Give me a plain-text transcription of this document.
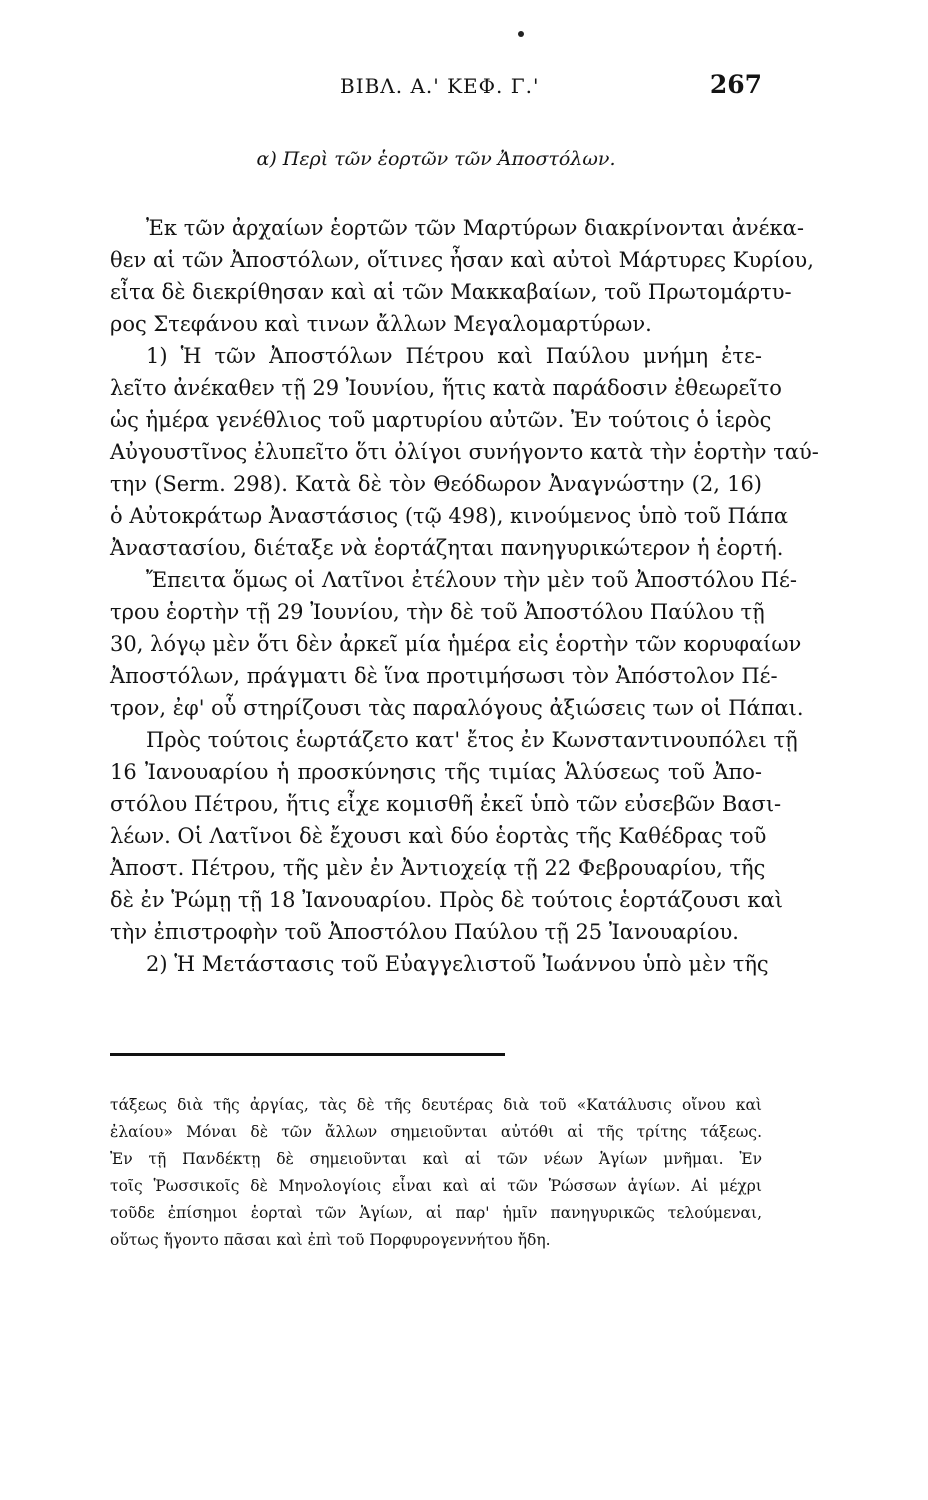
ΒΙΒΛ. Α.' ΚΕΦ. Γ.'	267
α) Περὶ τῶν ἑορτῶν τῶν Ἀποστόλων.
Ἐκ τῶν ἀρχαίων ἑορτῶν τῶν Μαρτύρων διακρίνονται ἀνέκα-
θεν αἱ τῶν Ἀποστόλων, οἵτινες ἦσαν καὶ αὐτοὶ Μάρτυρες Κυρίου,
εἶτα δὲ διεκρίθησαν καὶ αἱ τῶν Μακκαβαίων, τοῦ Πρωτομάρτυ-
ρος Στεφάνου καὶ τινων ἄλλων Μεγαλομαρτύρων.
1) Ἡ τῶν Ἀποστόλων Πέτρου καὶ Παύλου μνήμη ἐτε-
λεῖτο ἀνέκαθεν τῇ 29 Ἰουνίου, ἥτις κατὰ παράδοσιν ἐθεωρεῖτο
ὡς ἡμέρα γενέθλιος τοῦ μαρτυρίου αὐτῶν. Ἐν τούτοις ὁ ἱερὸς
Αὐγουστῖνος ἐλυπεῖτο ὅτι ὀλίγοι συνήγοντο κατὰ τὴν ἑορτὴν ταύ-
την (Serm. 298). Κατὰ δὲ τὸν Θεόδωρον Ἀναγνώστην (2, 16)
ὁ Αὐτοκράτωρ Ἀναστάσιος (τῷ 498), κινούμενος ὑπὸ τοῦ Πάπα
Ἀναστασίου, διέταξε νὰ ἑορτάζηται πανηγυρικώτερον ἡ ἑορτή.
Ἔπειτα ὅμως οἱ Λατῖνοι ἐτέλουν τὴν μὲν τοῦ Ἀποστόλου Πέ-
τρου ἑορτὴν τῇ 29 Ἰουνίου, τὴν δὲ τοῦ Ἀποστόλου Παύλου τῇ
30, λόγῳ μὲν ὅτι δὲν ἀρκεῖ μία ἡμέρα εἰς ἑορτὴν τῶν κορυφαίων
Ἀποστόλων, πράγματι δὲ ἵνα προτιμήσωσι τὸν Ἀπόστολον Πέ-
τρον, ἐφ' οὗ στηρίζουσι τὰς παραλόγους ἀξιώσεις των οἱ Πάπαι.
Πρὸς τούτοις ἑωρτάζετο κατ' ἔτος ἐν Κωνσταντινουπόλει τῇ
16 Ἰανουαρίου ἡ προσκύνησις τῆς τιμίας Ἁλύσεως τοῦ Ἀπο-
στόλου Πέτρου, ἥτις εἶχε κομισθῆ ἐκεῖ ὑπὸ τῶν εὐσεβῶν Βασι-
λέων. Οἱ Λατῖνοι δὲ ἔχουσι καὶ δύο ἑορτὰς τῆς Καθέδρας τοῦ
Ἀποστ. Πέτρου, τῆς μὲν ἐν Ἀντιοχείᾳ τῇ 22 Φεβρουαρίου, τῆς
δὲ ἐν Ῥώμῃ τῇ 18 Ἰανουαρίου. Πρὸς δὲ τούτοις ἑορτάζουσι καὶ
τὴν ἐπιστροφὴν τοῦ Ἀποστόλου Παύλου τῇ 25 Ἰανουαρίου.
2) Ἡ Μετάστασις τοῦ Εὐαγγελιστοῦ Ἰωάννου ὑπὸ μὲν τῆς
τάξεως διὰ τῆς ἀργίας, τὰς δὲ τῆς δευτέρας διὰ τοῦ «Κατάλυσις οἴνου καὶ
ἐλαίου» Μόναι δὲ τῶν ἄλλων σημειοῦνται αὐτόθι αἱ τῆς τρίτης τάξεως.
Ἐν τῇ Πανδέκτῃ δὲ σημειοῦνται καὶ αἱ τῶν νέων Ἁγίων μνῆμαι. Ἐν
τοῖς Ῥωσσικοῖς δὲ Μηνολογίοις εἶναι καὶ αἱ τῶν Ῥώσσων ἁγίων. Αἱ μέχρι
τοῦδε ἐπίσημοι ἑορταὶ τῶν Ἁγίων, αἱ παρ' ἡμῖν πανηγυρικῶς τελούμεναι,
οὕτως ἤγοντο πᾶσαι καὶ ἐπὶ τοῦ Πορφυρογεννήτου ἤδη.
